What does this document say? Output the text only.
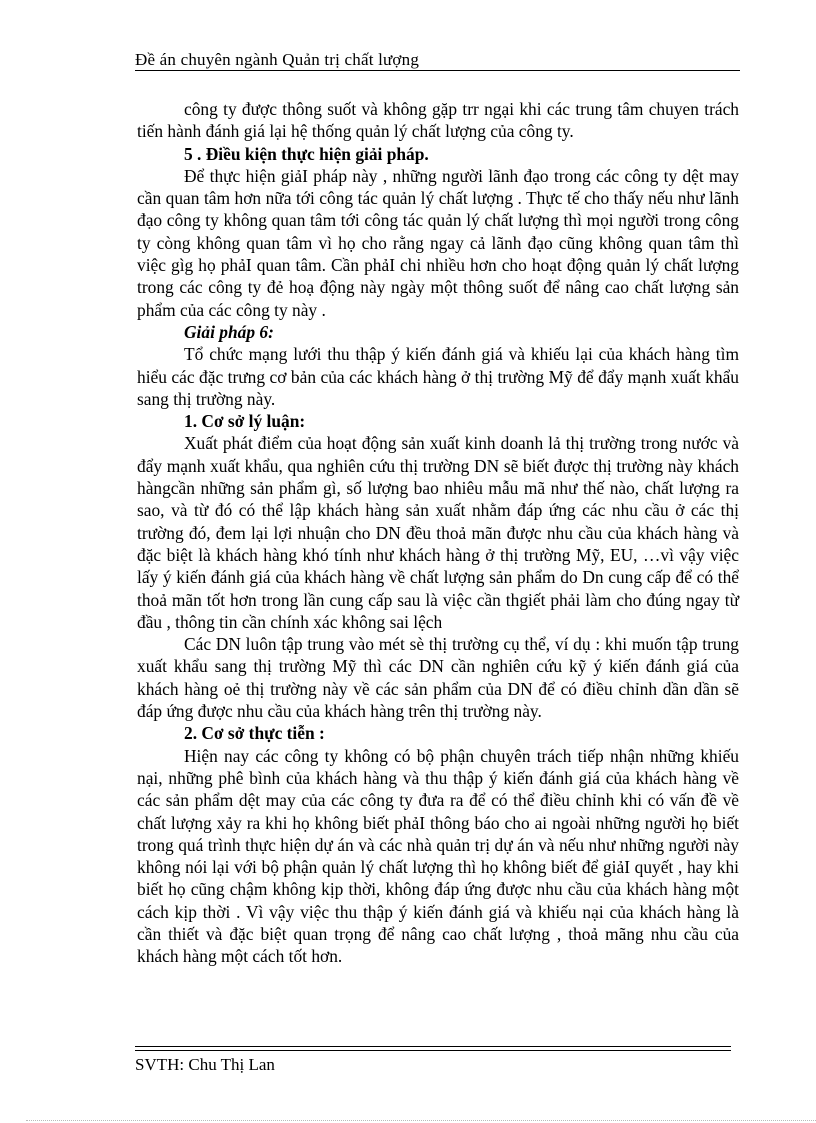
Đề án chuyên ngành Quản trị chất lượng

công ty được thông suốt và không gặp trr ngại khi các trung tâm chuyen trách tiến hành đánh giá lại hệ thống quản lý chất lượng của công ty.

5 . Điều kiện thực hiện giải pháp.

Để thực hiện giảI pháp này , những người lãnh đạo trong các công ty dệt may cần quan tâm hơn nữa tới công tác quản lý chất lượng . Thực tế cho thấy nếu như lãnh đạo công ty không quan tâm tới công tác quản lý chất lượng thì mọi người trong công ty còng không quan tâm vì họ cho rằng ngay cả lãnh đạo cũng không quan tâm thì việc gìg họ phảI quan tâm. Cần phảI chi nhiều hơn cho hoạt động quản lý chất lượng trong các công ty đẻ hoạ động này ngày một thông suốt để nâng cao chất lượng sản phẩm của các công ty này .

Giải pháp 6:

Tổ chức mạng lưới thu thập ý kiến đánh giá và khiếu lại của khách hàng tìm hiểu các đặc trưng cơ bản của các khách hàng ở thị trường Mỹ để đẩy mạnh xuất khẩu sang thị trường này.

1. Cơ sở lý luận:

Xuất phát điểm của hoạt động sản xuất kinh doanh lả thị trường trong nước và đẩy mạnh xuất khẩu, qua nghiên cứu thị trường DN sẽ biết được thị trường này khách hàngcần những sản phẩm gì, số lượng bao nhiêu mẫu mã như thế nào, chất lượng ra sao, và từ đó có thể lập khách hàng sản xuất nhằm đáp ứng các nhu cầu ở các thị trường đó, đem lại lợi nhuận cho DN đều thoả mãn được nhu cầu của khách hàng và đặc biệt là khách hàng khó tính như khách hàng ở thị trường Mỹ, EU, …vì vậy việc lấy ý kiến đánh giá của khách hàng về chất lượng sản phẩm do Dn cung cấp để có thể thoả mãn tốt hơn trong lần cung cấp sau là việc cần thgiết phải làm cho đúng ngay từ đầu , thông tin cần chính xác không sai lệch

Các DN luôn tập trung vào mét sè thị trường cụ thể, ví dụ : khi muốn tập trung xuất khẩu sang thị trường Mỹ thì các DN cần nghiên cứu kỹ ý kiến đánh giá của khách hàng oẻ thị trường này về các sản phẩm của DN để có điều chỉnh dần dần sẽ đáp ứng được nhu cầu của khách hàng trên thị trường này.

2. Cơ sở thực tiễn :

Hiện nay các công ty không có bộ phận chuyên trách tiếp nhận những khiếu nại, những phê bình của khách hàng và thu thập ý kiến đánh giá của khách hàng về các sản phẩm dệt may của các công ty đưa ra để có thể điều chỉnh khi có vấn đề về chất lượng xảy ra khi họ không biết phảI thông báo cho ai ngoài những người họ biết trong quá trình thực hiện dự án và các nhà quản trị dự án và nếu như những người này không nói lại với bộ phận quản lý chất lượng thì họ không biết để giảI quyết , hay khi biết họ cũng chậm không kịp thời, không đáp ứng được nhu cầu của khách hàng một cách kịp thời . Vì vậy việc thu thập ý kiến đánh giá và khiếu nại của khách hàng là cần thiết và đặc biệt quan trọng để nâng cao chất lượng , thoả mãng nhu cầu của khách hàng một cách tốt hơn.

SVTH: Chu Thị Lan
